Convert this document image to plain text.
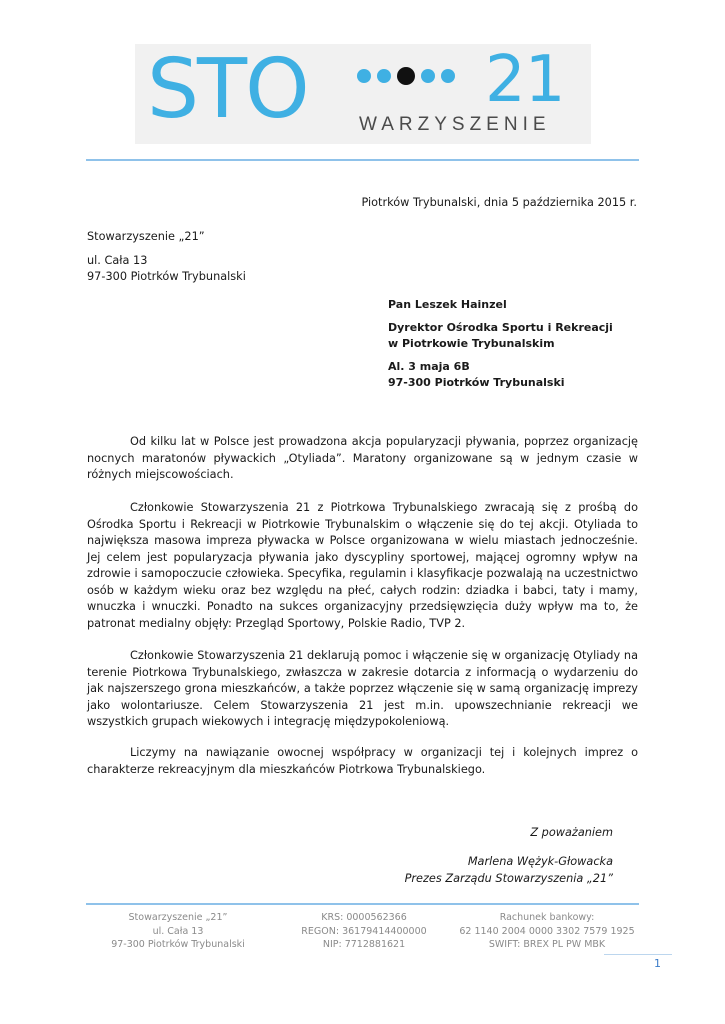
STO	21
WARZYSZENIE
Piotrków Trybunalski, dnia 5 października 2015 r.
Stowarzyszenie „21”
ul. Cała 13
97-300 Piotrków Trybunalski
Pan Leszek Hainzel
Dyrektor Ośrodka Sportu i Rekreacji
w Piotrkowie Trybunalskim
Al. 3 maja 6B
97-300 Piotrków Trybunalski

Od kilku lat w Polsce jest prowadzona akcja popularyzacji pływania, poprzez organizację nocnych maratonów pływackich „Otyliada”. Maratony organizowane są w jednym czasie w różnych miejscowościach.

Członkowie Stowarzyszenia 21 z Piotrkowa Trybunalskiego zwracają się z prośbą do Ośrodka Sportu i Rekreacji w Piotrkowie Trybunalskim o włączenie się do tej akcji. Otyliada to największa masowa impreza pływacka w Polsce organizowana w wielu miastach jednocześnie. Jej celem jest popularyzacja pływania jako dyscypliny sportowej, mającej ogromny wpływ na zdrowie i samopoczucie człowieka. Specyfika, regulamin i klasyfikacje pozwalają na uczestnictwo osób w każdym wieku oraz bez względu na płeć, całych rodzin: dziadka i babci, taty i mamy, wnuczka i wnuczki. Ponadto na sukces organizacyjny przedsięwzięcia duży wpływ ma to, że patronat medialny objęły: Przegląd Sportowy, Polskie Radio, TVP 2.

Członkowie Stowarzyszenia 21 deklarują pomoc i włączenie się w organizację Otyliady na terenie Piotrkowa Trybunalskiego, zwłaszcza w zakresie dotarcia z informacją o wydarzeniu do jak najszerszego grona mieszkańców, a także poprzez włączenie się w samą organizację imprezy jako wolontariusze. Celem Stowarzyszenia 21 jest m.in. upowszechnianie rekreacji we wszystkich grupach wiekowych i integrację międzypokoleniową.

Liczymy na nawiązanie owocnej współpracy w organizacji tej i kolejnych imprez o charakterze rekreacyjnym dla mieszkańców Piotrkowa Trybunalskiego.

Z poważaniem
Marlena Wężyk-Głowacka
Prezes Zarządu Stowarzyszenia „21”
Stowarzyszenie „21”
ul. Cała 13
97-300 Piotrków Trybunalski
KRS: 0000562366
REGON: 36179414400000
NIP: 7712881621
Rachunek bankowy:
62 1140 2004 0000 3302 7579 1925
SWIFT: BREX PL PW MBK
1
